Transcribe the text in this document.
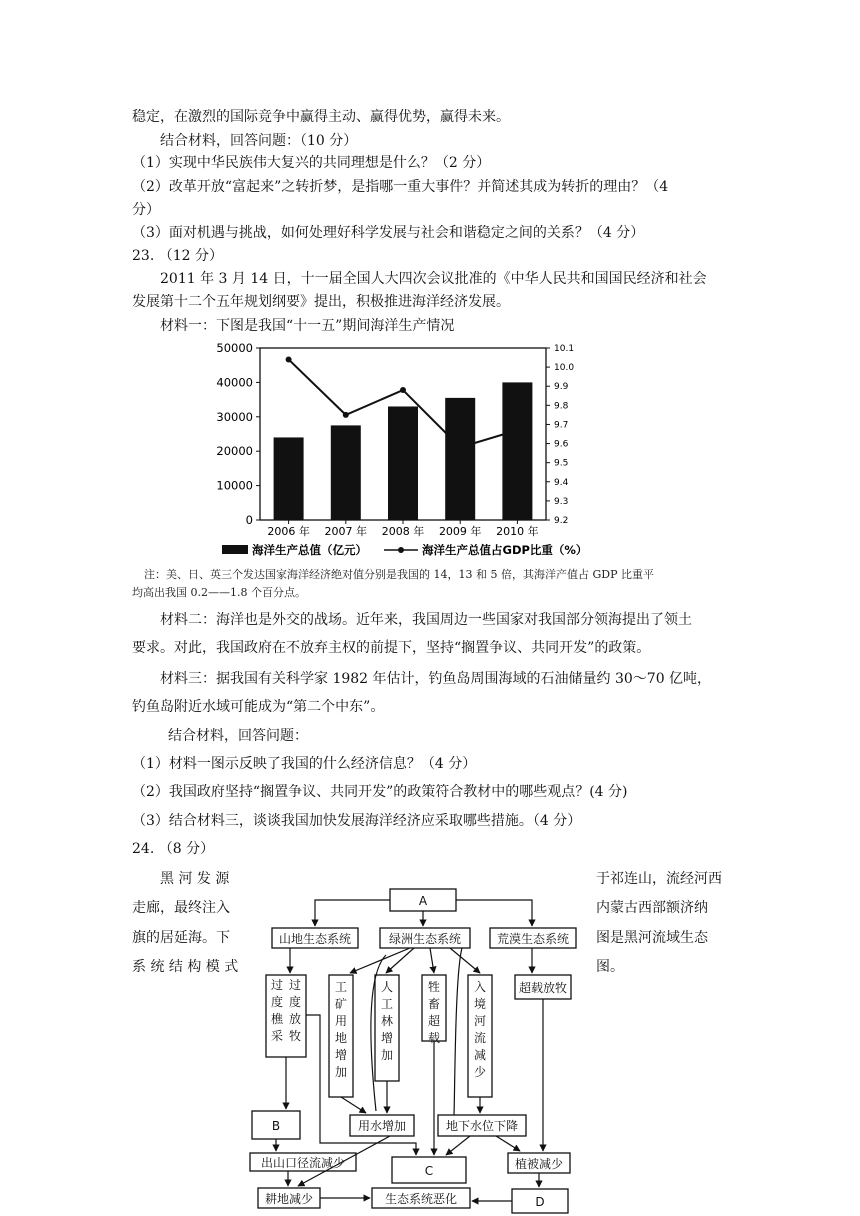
稳定，在激烈的国际竞争中赢得主动、赢得优势，赢得未来。
结合材料，回答问题：（10 分）
（1）实现中华民族伟大复兴的共同理想是什么？（2 分）
（2）改革开放“富起来”之转折梦，是指哪一重大事件？并简述其成为转折的理由？（4
分）
（3）面对机遇与挑战，如何处理好科学发展与社会和谐稳定之间的关系？（4 分）
23. （12 分）
2011 年 3 月 14 日，十一届全国人大四次会议批准的《中华人民共和国国民经济和社会
发展第十二个五年规划纲要》提出，积极推进海洋经济发展。
材料一：下图是我国“十一五”期间海洋生产情况
0
10000
20000
30000
40000
50000
9.2
9.3
9.4
9.5
9.6
9.7
9.8
9.9
10.0
10.1
2006 年 2007 年 2008 年 2009 年 2010 年
海洋生产总值（亿元）	海洋生产总值占GDP比重（%）
注：美、日、英三个发达国家海洋经济绝对值分别是我国的 14，13 和 5 倍，其海洋产值占 GDP 比重平
均高出我国 0.2——1.8 个百分点。
材料二：海洋也是外交的战场。近年来，我国周边一些国家对我国部分领海提出了领土
要求。对此，我国政府在不放弃主权的前提下，坚持“搁置争议、共同开发”的政策。
材料三：据我国有关科学家 1982 年估计，钓鱼岛周围海域的石油储量约 30～70 亿吨，
钓鱼岛附近水域可能成为“第二个中东”。
结合材料，回答问题：
（1）材料一图示反映了我国的什么经济信息？（4 分）
（2）我国政府坚持“搁置争议、共同开发”的政策符合教材中的哪些观点？(4 分)
（3）结合材料三，谈谈我国加快发展海洋经济应采取哪些措施。（4 分）
24. （8 分）
黑 河 发 源	于祁连山，流经河西
走廊，最终注入	内蒙古西部额济纳
旗的居延海。下	图是黑河流域生态
系 统 结 构 模 式	图。
A
山地生态系统	绿洲生态系统	荒漠生态系统
超载放牧
B	用水增加	地下水位下降
出山口径流减少
C	植被减少
耕地减少	生态系统恶化	D
过度樵采
过度放牧
工矿用地增加
人工林增加
牲畜超载
入境河流减少
